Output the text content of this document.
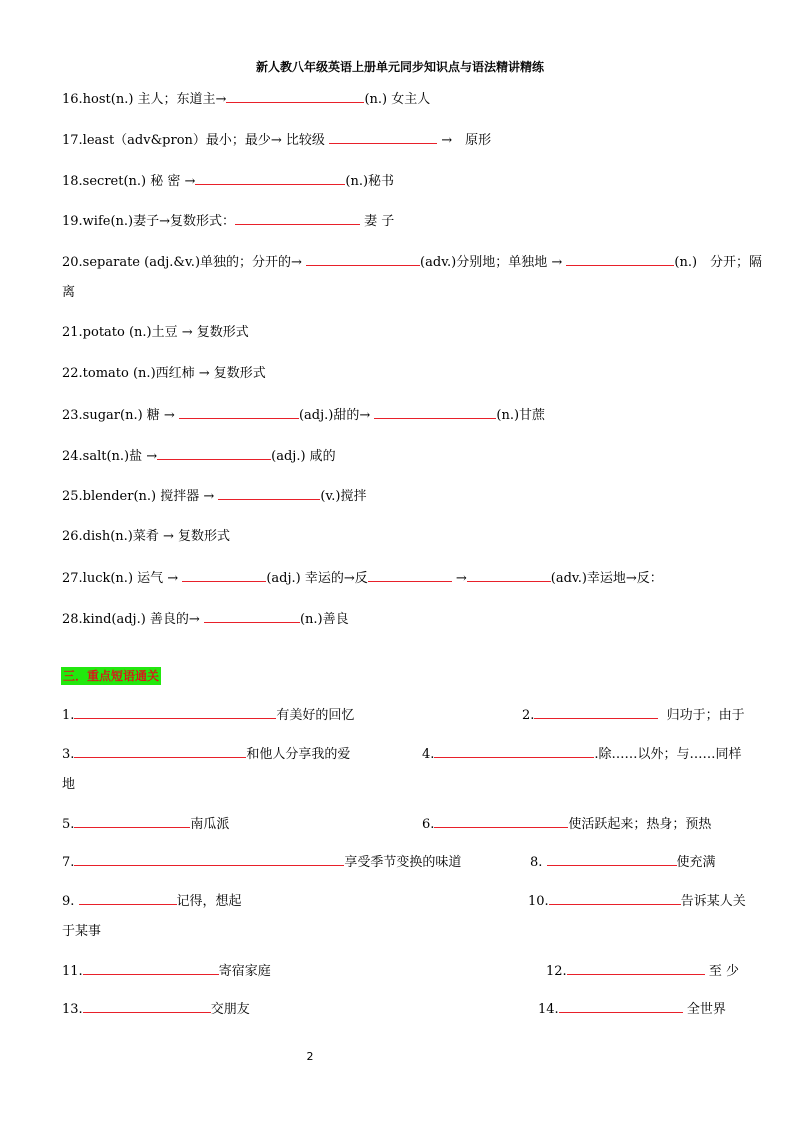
新人教八年级英语上册单元同步知识点与语法精讲精练
16.host(n.) 主人；东道主→	(n.) 女主人
17.least（adv&pron）最小；最少→ 比较级	→　原形
18.secret(n.) 秘 密 →	(n.)秘书
19.wife(n.)妻子→复数形式：	妻 子
20.separate (adj.&v.)单独的；分开的→	(adv.)分别地；单独地 →	(n.)　分开；隔
离
21.potato (n.)土豆 → 复数形式
22.tomato (n.)西红柿 → 复数形式
23.sugar(n.) 糖 →	(adj.)甜的→	(n.)甘蔗
24.salt(n.)盐 →	(adj.) 咸的
25.blender(n.) 搅拌器 →	(v.)搅拌
26.dish(n.)菜肴 → 复数形式
27.luck(n.) 运气 →	(adj.) 幸运的→反	→	(adv.)幸运地→反：
28.kind(adj.) 善良的→	(n.)善良
三．重点短语通关
1.	有美好的回忆	2.	归功于；由于
3.	和他人分享我的爱	4.	.除……以外；与……同样
地
5.	南瓜派	6.	使活跃起来；热身；预热
7.	享受季节变换的味道	8.	使充满
9.	记得，想起	10.	告诉某人关
于某事
11.	寄宿家庭	12.	至 少
13.	交朋友	14.	全世界
2
